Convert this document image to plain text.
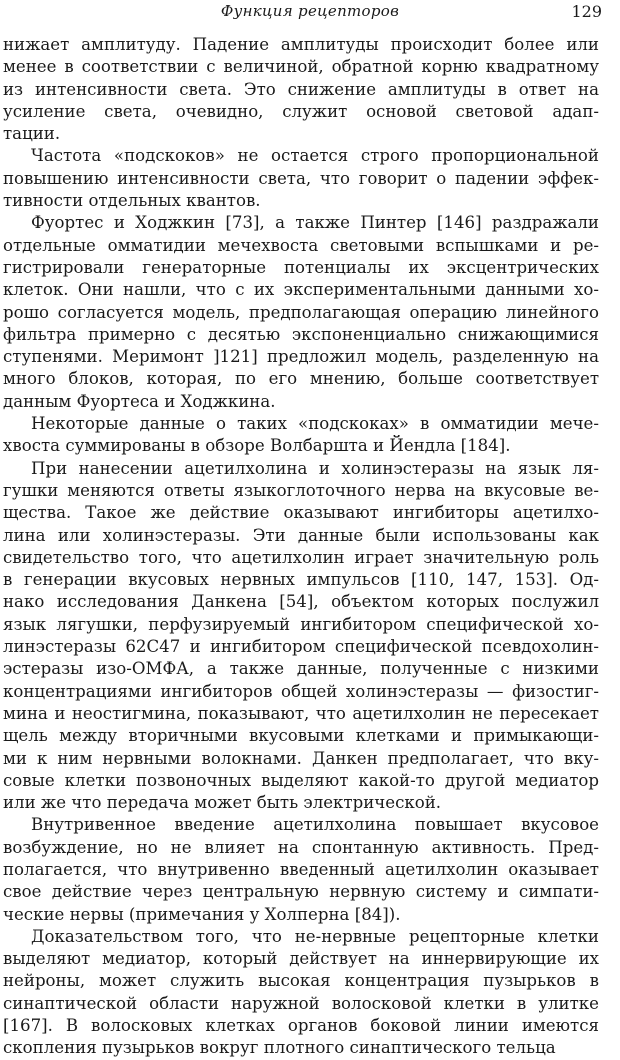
Функция рецепторов	129
нижает амплитуду. Падение амплитуды происходит более или
менее в соответствии с величиной, обратной корню квадратному
из интенсивности света. Это снижение амплитуды в ответ на
усиление света, очевидно, служит основой световой адап-
тации.
Частота «подскоков» не остается строго пропорциональной
повышению интенсивности света, что говорит о падении эффек-
тивности отдельных квантов.
Фуортес и Ходжкин [73], а также Пинтер [146] раздражали
отдельные омматидии мечехвоста световыми вспышками и ре-
гистрировали генераторные потенциалы их эксцентрических
клеток. Они нашли, что с их экспериментальными данными хо-
рошо согласуется модель, предполагающая операцию линейного
фильтра примерно с десятью экспоненциально снижающимися
ступенями. Меримонт ]121] предложил модель, разделенную на
много блоков, которая, по его мнению, больше соответствует
данным Фуортеса и Ходжкина.
Некоторые данные о таких «подскоках» в омматидии мече-
хвоста суммированы в обзоре Волбарштa и Йендла [184].
При нанесении ацетилхолина и холинэстеразы на язык ля-
гушки меняются ответы языкоглоточного нерва на вкусовые ве-
щества. Такое же действие оказывают ингибиторы ацетилхо-
лина или холинэстеразы. Эти данные были использованы как
свидетельство того, что ацетилхолин играет значительную роль
в генерации вкусовых нервных импульсов [110, 147, 153]. Од-
нако исследования Данкена [54], объектом которых послужил
язык лягушки, перфузируемый ингибитором специфической хо-
линэстеразы 62С47 и ингибитором специфической псевдохолин-
эстеразы изо-ОМФА, а также данные, полученные с низкими
концентрациями ингибиторов общей холинэстеразы — физостиг-
мина и неостигмина, показывают, что ацетилхолин не пересекает
щель между вторичными вкусовыми клетками и примыкающи-
ми к ним нервными волокнами. Данкен предполагает, что вку-
совые клетки позвоночных выделяют какой-то другой медиатор
или же что передача может быть электрической.
Внутривенное введение ацетилхолина повышает вкусовое
возбуждение, но не влияет на спонтанную активность. Пред-
полагается, что внутривенно введенный ацетилхолин оказывает
свое действие через центральную нервную систему и симпати-
ческие нервы (примечания у Холперна [84]).
Доказательством того, что не-нервные рецепторные клетки
выделяют медиатор, который действует на иннервирующие их
нейроны, может служить высокая концентрация пузырьков в
синаптической области наружной волосковой клетки в улитке
[167]. В волосковых клетках органов боковой линии имеются
скопления пузырьков вокруг плотного синаптического тельца
